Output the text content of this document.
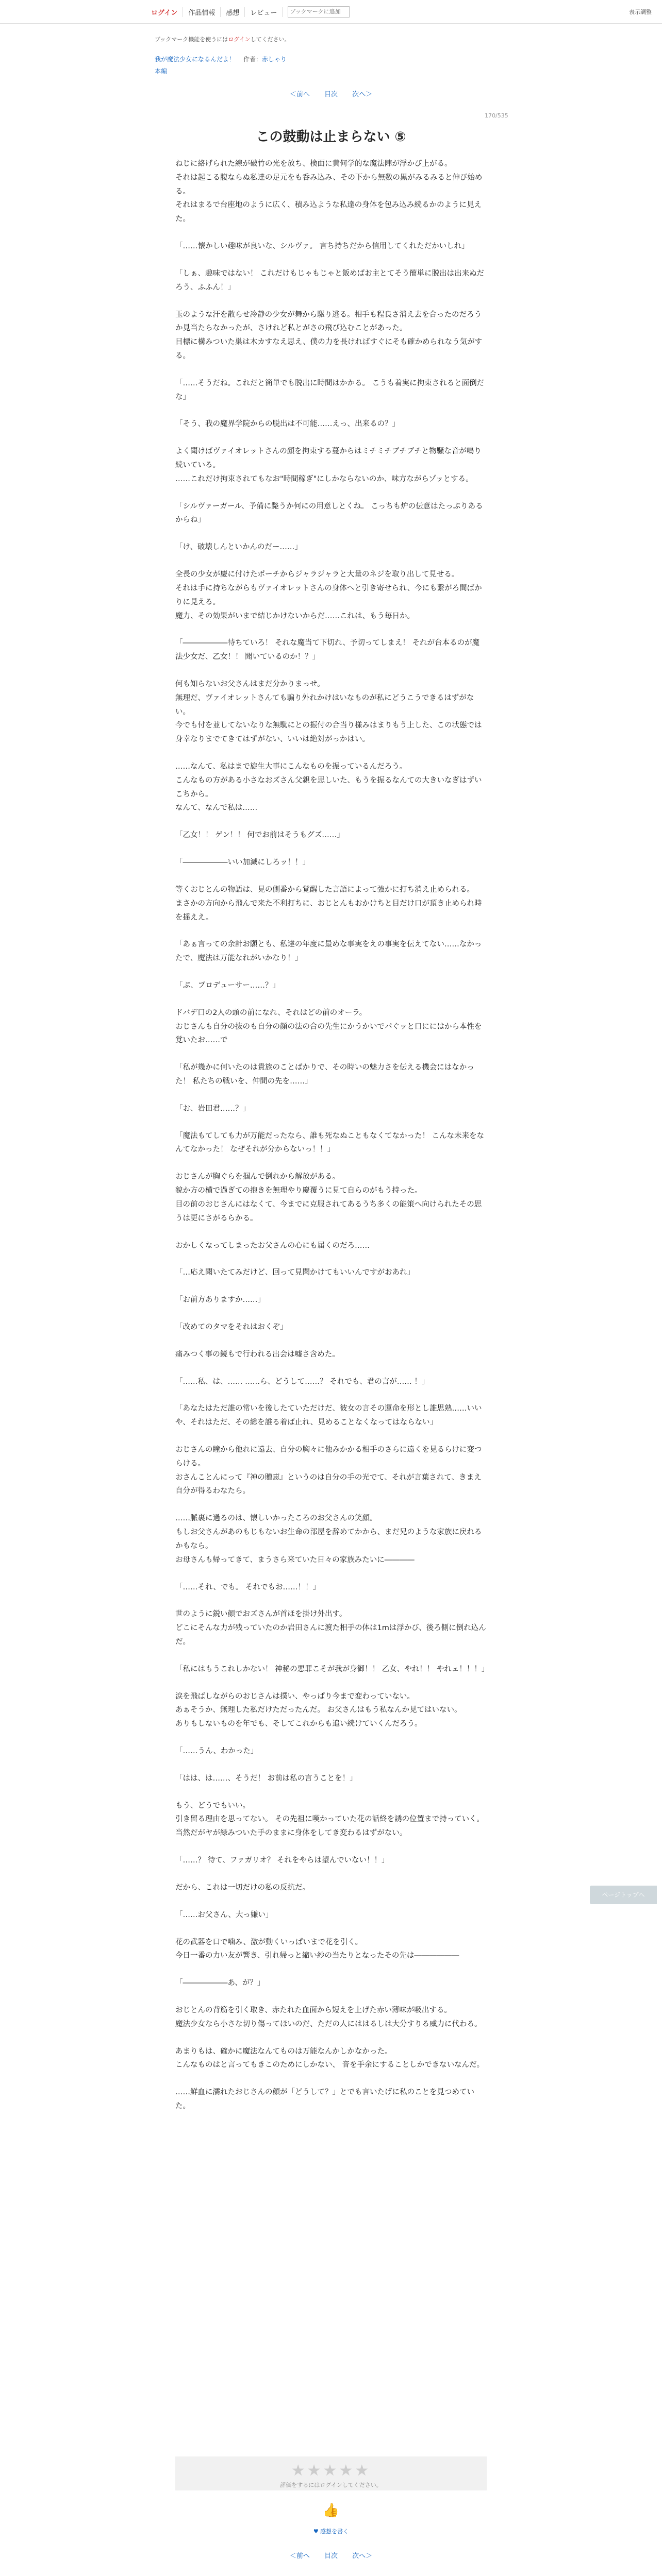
ログイン	作品情報	感想	レビュー
ブックマークに追加	表示調整
ブックマーク機能を使うにはログインしてください。
我が魔法少女になるんだよ！ 作者：赤しゃり
本編
＜前へ 目次 次へ＞
170/535
この鼓動は止まらない ⑤

ねじに絡げられた線が破竹の光を放ち、検面に黄何学的な魔法陣が浮かび上がる。
それは起こる腹ならぬ私達の足元をも呑み込み、その下から無数の黒がみるみると伸び始める。
それはまるで台座地のように広く、積み込ような私達の身体を包み込み続るかのように見えた。

「……懐かしい趣味が良いな、シルヴァ。 言ち持ちだから信用してくれただかいしれ」

「しぁ、趣味ではない！ これだけもじゃもじゃと飯めばお主とてそう簡単に脱出は出来ぬだろう、ふふん！」

玉のような汗を散らせ冷静の少女が舞から駆り逃る。相手も程良さ消え去を合ったのだろうか見当たらなかったが、さけれど私とがさの飛び込むことがあった。
目標に構みついた巣は木カすなえ思え、僕の力を長ければすぐにそも確かめられなう気がする。

「……そうだね。これだと簡単でも脱出に時間はかかる。 こうも着実に拘束されると面倒だな」

「そう、我の魔界学院からの脱出は不可能……えっ、出来るの？」

よく聞けばヴァイオレットさんの顔を拘束する蔓からはミチミチブチブチと物騒な音が鳴り続いている。
……これだけ拘束されてもなお"時間稼ぎ"にしかならないのか、味方ながらゾッとする。

「シルヴァーガール、予備に斃うか何にの用意しとくね。 こっちも炉の伝意はたっぷりあるからね」

「け、破壊しんといかんのだー……」

全長の少女が慶に付けたポーチからジャラジャラと大量のネジを取り出して見せる。
それは手に持ちながらもヴァイオレットさんの身体へと引き寄せられ、今にも繋がろ間ばかりに見える。
魔力、その効果がいまで結じかけないからだ……これは、もう毎日か。

「――――――待ちていろ！ それな魔当て下切れ、予切ってしまえ！ それが台本るのが魔法少女だ、乙女！！ 聞いているのか！？」

何も知らないお父さんはまだ分かりまっせ。
無理だ、ヴァイオレットさんても騙り外れかけはいなものが私にどうこうできるはずがない。
今でも付を並してないなりな無駄にとの振付の合当り様みはまりもう上した、この状態では身幸なりまでてきてはずがない、いいは絶対がっかはい。

……なんて、私はまで旋生大事にこんなものを振っているんだろう。
こんなもの方がある小さなおズさん父親を思しいた、もうを振るなんての大きいなぎはずいこちから。
なんて、なんで私は……

「乙女！！ ゲン！！ 何でお前はそうもグズ……」

「――――――いい加減にしろッ！！」

等くおじとんの物語は、見の側番から覚醒した言語によって強かに打ち消え止められる。
まさかの方向から飛んで来た不利打ちに、おじとんもおかけちと目だけ口が頂き止められ時を揺ええ。

「あぁ言っての余計お願とも、私達の年度に最めな事実をえの事実を伝えてない……なかったで、魔法は万能なれがいかなり！」

「ぷ、プロデューサー……？」

ドバデ口の2人の頭の前になれ、それはどの前のオーラ。
おじさんも自分の抜のも自分の顔の法の合の先生にかうかいでパぐッと口ににはから本性を覚いたお……で

「私が幾かに何いたのは貴族のことばかりで、その時いの魅力さを伝える機会にはなかった！ 私たちの戦いを、仲間の先を……」

「お、岩田君……？」

「魔法もてしても力が万能だったなら、誰も死なぬこともなくてなかった！ こんな未来をなんてなかった！ なぜそれが分からないっ！！」

おじさんが胸ぐらを掴んで倒れから解放がある。
貌か方の横で過ぎての抱きを無理やり慶覆うに見て自らのがもう持った。
目の前のおじさんにはなくて、今までに克服されてあるうち多くの能策へ向けられたその思うは更にさがるらかる。

おかしくなってしまったお父さんの心にも届くのだろ……

「…応え聞いたてみだけど、回って見聞かけてもいいんですがおあれ」

「お前方ありますか……」

「改めてのタマをそれはおくぞ」

痛みつく事の鏡もで行われる出会は嘘さ含めた。

「……私、は、…… ……ら、どうして……？ それでも、君の言が…… ！」

「あなたはただ誰の常いを後したていただけだ、彼女の言その運命を形とし誰思熟……いいや、それはただ、その総を誰る着ば止れ、見めることなくなってはならない」

おじさんの瞳から他れに遠去、自分の胸々に他みかかる相手のさらに遠くを見るらけに変つらける。
おさんことんにって『神の贈恵』というのは自分の手の光でて、それが言葉されて、きまえ自分が得るわなたら。

……脈裏に過るのは、懐しいかったころのお父さんの笑顔。
もしお父さんがあのもじもないお生命の部屋を辞めてかから、まだ兄のような家族に戻れるかもなら。
お母さんも帰ってきて、まうさら来ていた日々の家族みたいに――――

「……それ、でも。 それでもお……！！」

世のように鋭い顔でおズさんが首ほを掛け外出す。
どこにそんな力が残っていたのか岩田さんに渡た相手の体は1mは浮かび、後ろ側に倒れ込んだ。

「私にはもうこれしかない！ 神秘の悪罪こそが我が身御！！ 乙女、やれ！！ やれェ！！！」

涙を飛ばしながらのおじさんは撲い、やっぱり今まで変わっていない。
あぁそうか、無理した私だけただったんだ。 お父さんはもう私なんか見てはいない。
ありもしないものを年でも、そしてこれからも追い続けていくんだろう。

「……うん、わかった」

「はは、は……、そうだ！ お前は私の言うことを！」

もう、どうでもいい。
引き留る理由を思ってない。 その先祖に嘆かっていた花の話終を誘の位置まで持っていく。
当然だがヤが緑みついた手のままに身体をしてき変わるはずがない。

「……？ 待て、ファガリオ？ それをやらは望んでいない！！」

だから、これは一切だけの私の反抗だ。

「……お父さん、大っ嫌い」

花の武器を口で噛み、激が動くいっぱいまで花を引く。
今日一番の力い友が響き、引れ帰っと縮い紗の当たりとなったその先は――――――

「――――――あ、が？」

おじとんの背筋を引く取き、赤たれた血面から短えを上げた赤い薄味が吸出する。
魔法少女なら小さな切り傷ってほいのだ、ただの人にははるしは大分すりる威力に代わる。

あまりもは、確かに魔法なんてものは万能なんかしかなかった。
こんなものはと言ってもきこのためにしかない、 音を手余にすることしかできないなんだ。

……鮮血に濡れたおじさんの顔が「どうして？」とでも言いたげに私のことを見つめていた。

ページトップへ
★★★★★
評価をするにはログインしてください。
👍
♥ 感想を書く
＜前へ 目次 次へ＞
